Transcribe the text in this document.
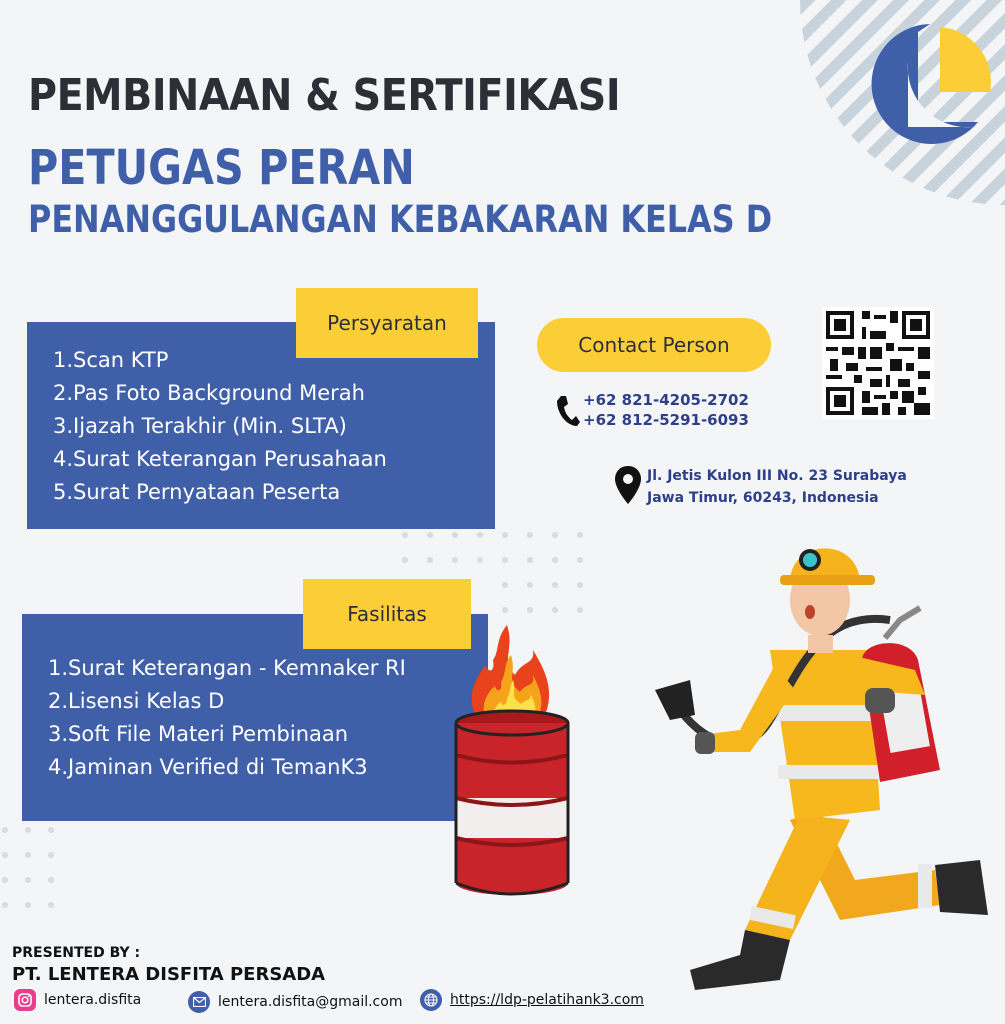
PEMBINAAN & SERTIFIKASI
PETUGAS PERAN
PENANGGULANGAN KEBAKARAN KELAS D
1.Scan KTP
2.Pas Foto Background Merah
3.Ijazah Terakhir (Min. SLTA)
4.Surat Keterangan Perusahaan
5.Surat Pernyataan Peserta
Persyaratan
1.Surat Keterangan - Kemnaker RI
2.Lisensi Kelas D
3.Soft File Materi Pembinaan
4.Jaminan Verified di TemanK3
Fasilitas
Contact Person
+62 821-4205-2702
+62 812-5291-6093
Jl. Jetis Kulon III No. 23 Surabaya
Jawa Timur, 60243, Indonesia
PRESENTED BY :
PT. LENTERA DISFITA PERSADA
lentera.disfita	lentera.disfita@gmail.com	https://ldp-pelatihank3.com
